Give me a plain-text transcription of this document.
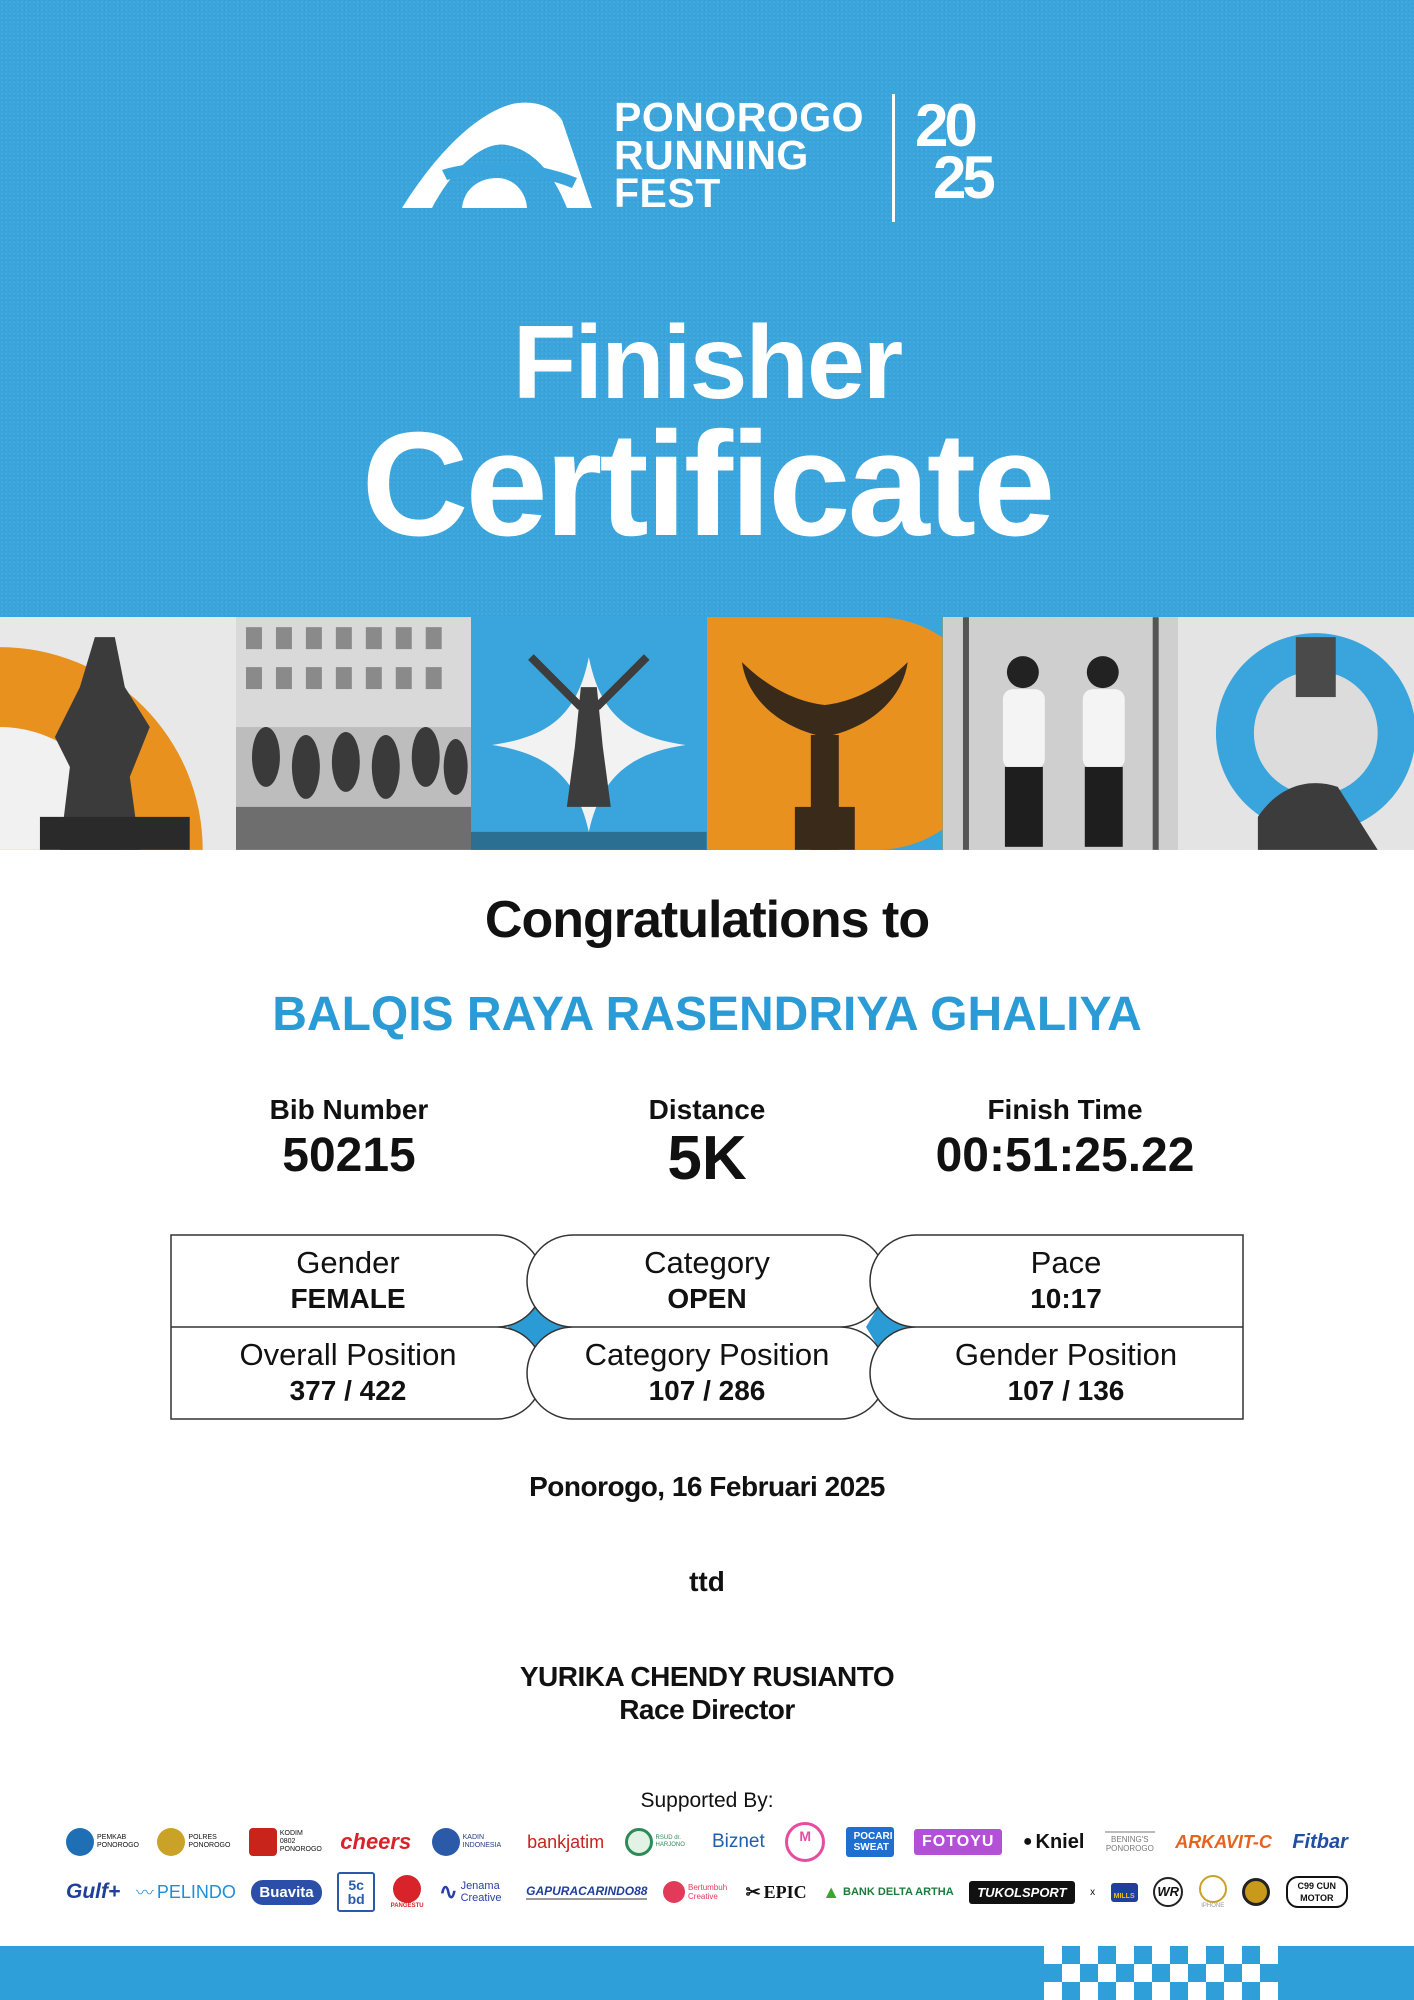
PONOROGO
RUNNING
FEST
20
25
Finisher
Certificate
Congratulations to
BALQIS RAYA RASENDRIYA GHALIYA
Bib Number
50215
Distance
5K
Finish Time
00:51:25.22
Gender
FEMALE
Category
OPEN
Pace
10:17
Overall Position
377 / 422
Category Position
107 / 286
Gender Position
107 / 136
Ponorogo, 16 Februari 2025
ttd
YURIKA CHENDY RUSIANTO
Race Director
Supported By:
PEMKAB PONOROGO
POLRES PONOROGO
KODIM 0802 PONOROGO cheers	KADIN INDONESIA	bankjatim	RSUD dr. HARJONO	Biznet	M	POCARI SWEAT	FOTOYU	● Kniel	BENING'S PONOROGO ARKAVIT-C Fitbar
Gulf+ 〰 PELINDO	Buavita	5c bd	PANGESTU
∿ Jenama Creative	GAPURACARINDO88	Bertumbuh Creative	✂ EPIC ▲ BANK DELTA ARTHA	TUKOLSPORT	x	MILLS	WR
IPHONE
C99 CUN MOTOR
